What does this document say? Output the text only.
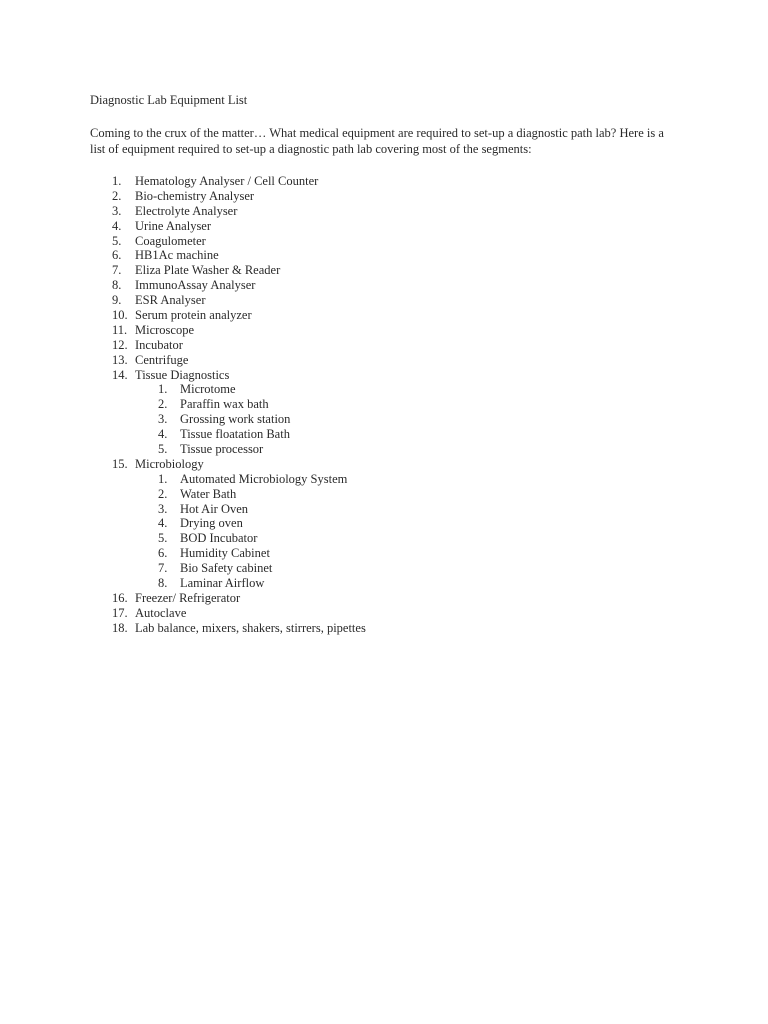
Diagnostic Lab Equipment List
Coming to the crux of the matter… What medical equipment are required to set-up a diagnostic path lab? Here is a list of equipment required to set-up a diagnostic path lab covering most of the segments:
1. Hematology Analyser / Cell Counter
2. Bio-chemistry Analyser
3. Electrolyte Analyser
4. Urine Analyser
5. Coagulometer
6. HB1Ac machine
7. Eliza Plate Washer & Reader
8. ImmunoAssay Analyser
9. ESR Analyser
10. Serum protein analyzer
11. Microscope
12. Incubator
13. Centrifuge
14. Tissue Diagnostics
1. Microtome
2. Paraffin wax bath
3. Grossing work station
4. Tissue floatation Bath
5. Tissue processor
15. Microbiology
1. Automated Microbiology System
2. Water Bath
3. Hot Air Oven
4. Drying oven
5. BOD Incubator
6. Humidity Cabinet
7. Bio Safety cabinet
8. Laminar Airflow
16. Freezer/ Refrigerator
17. Autoclave
18. Lab balance, mixers, shakers, stirrers, pipettes
